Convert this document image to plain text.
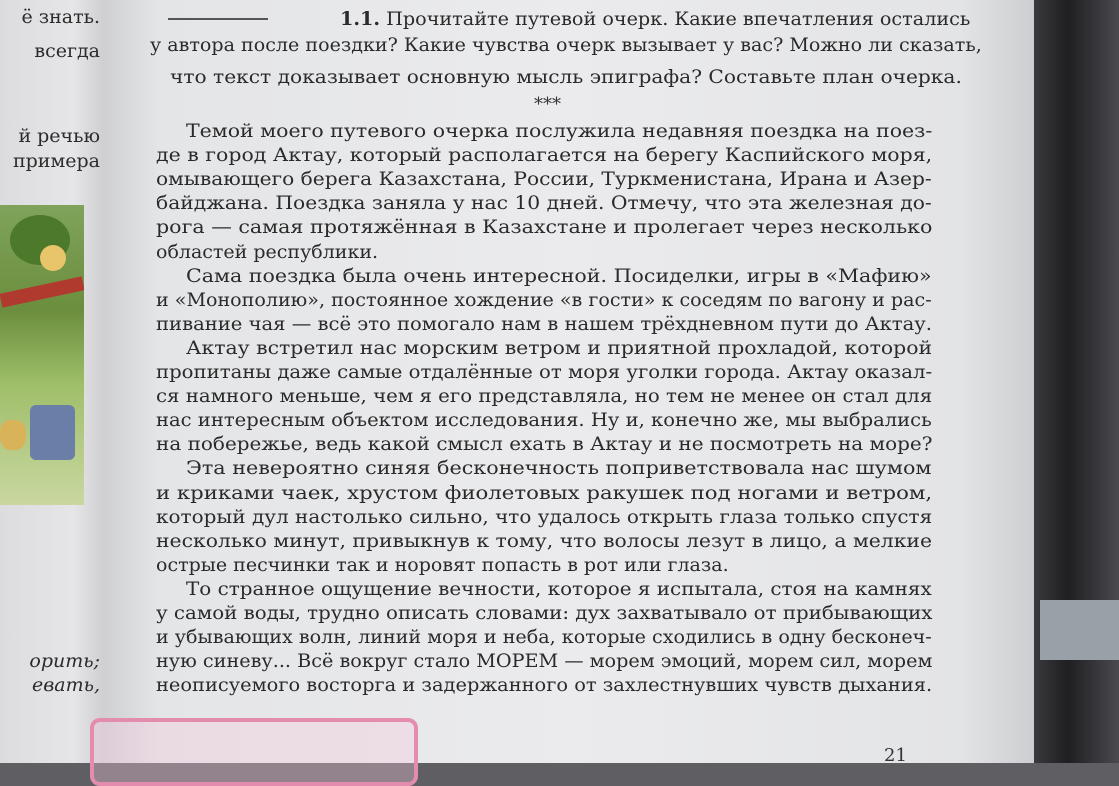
ё знать.
всегда
й речью
примера
орить;
евать,
1.1. Прочитайте путевой очерк. Какие впечатления остались
у автора после поездки? Какие чувства очерк вызывает у вас? Можно ли сказать,
что текст доказывает основную мысль эпиграфа? Составьте план очерка.
***
Темой моего путевого очерка послужила недавняя поездка на поез-
де в город Актау, который располагается на берегу Каспийского моря,
омывающего берега Казахстана, России, Туркменистана, Ирана и Азер-
байджана. Поездка заняла у нас 10 дней. Отмечу, что эта железная до-
рога — самая протяжённая в Казахстане и пролегает через несколько
областей республики.
Сама поездка была очень интересной. Посиделки, игры в «Мафию»
и «Монополию», постоянное хождение «в гости» к соседям по вагону и рас-
пивание чая — всё это помогало нам в нашем трёхдневном пути до Актау.
Актау встретил нас морским ветром и приятной прохладой, которой
пропитаны даже самые отдалённые от моря уголки города. Актау оказал-
ся намного меньше, чем я его представляла, но тем не менее он стал для
нас интересным объектом исследования. Ну и, конечно же, мы выбрались
на побережье, ведь какой смысл ехать в Актау и не посмотреть на море?
Эта невероятно синяя бесконечность поприветствовала нас шумом
и криками чаек, хрустом фиолетовых ракушек под ногами и ветром,
который дул настолько сильно, что удалось открыть глаза только спустя
несколько минут, привыкнув к тому, что волосы лезут в лицо, а мелкие
острые песчинки так и норовят попасть в рот или глаза.
То странное ощущение вечности, которое я испытала, стоя на камнях
у самой воды, трудно описать словами: дух захватывало от прибывающих
и убывающих волн, линий моря и неба, которые сходились в одну бесконеч-
ную синеву... Всё вокруг стало МОРЕМ — морем эмоций, морем сил, морем
неописуемого восторга и задержанного от захлестнувших чувств дыхания.
21
